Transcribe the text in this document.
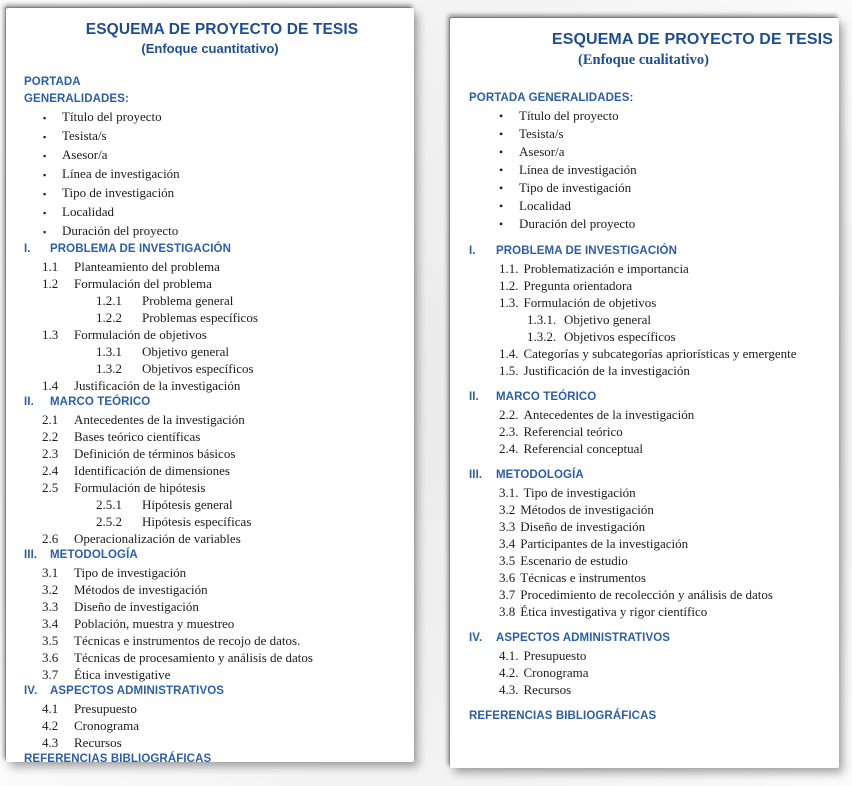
ESQUEMA DE PROYECTO DE TESIS
(Enfoque cuantitativo)
PORTADA
GENERALIDADES:
▪	Título del proyecto
▪	Tesista/s
▪	Asesor/a
▪	Línea de investigación
▪	Tipo de investigación
▪	Localidad
▪	Duración del proyecto
I.	PROBLEMA DE INVESTIGACIÓN
1.1	Planteamiento del problema
1.2	Formulación del problema
1.2.1	Problema general
1.2.2	Problemas específicos
1.3	Formulación de objetivos
1.3.1	Objetivo general
1.3.2	Objetivos específicos
1.4	Justificación de la investigación
II.	MARCO TEÓRICO
2.1	Antecedentes de la investigación
2.2	Bases teórico científicas
2.3	Definición de términos básicos
2.4	Identificación de dimensiones
2.5	Formulación de hipótesis
2.5.1	Hipótesis general
2.5.2	Hipótesis específicas
2.6	Operacionalización de variables
III.	METODOLOGÍA
3.1	Tipo de investigación
3.2	Métodos de investigación
3.3	Diseño de investigación
3.4	Población, muestra y muestreo
3.5	Técnicas e instrumentos de recojo de datos.
3.6	Técnicas de procesamiento y análisis de datos
3.7	Ética investigative
IV.	ASPECTOS ADMINISTRATIVOS
4.1	Presupuesto
4.2	Cronograma
4.3	Recursos
REFERENCIAS BIBLIOGRÁFICAS
ESQUEMA DE PROYECTO DE TESIS
(Enfoque cualitativo)
PORTADA GENERALIDADES:
•	Título del proyecto
•	Tesista/s
•	Asesor/a
•	Línea de investigación
•	Tipo de investigación
•	Localidad
•	Duración del proyecto
I.	PROBLEMA DE INVESTIGACIÓN
1.1. Problematización e importancia
1.2. Pregunta orientadora
1.3. Formulación de objetivos
1.3.1. Objetivo general
1.3.2. Objetivos específicos
1.4. Categorías y subcategorías apriorísticas y emergente
1.5. Justificación de la investigación
II.	MARCO TEÓRICO
2.2. Antecedentes de la investigación
2.3. Referencial teórico
2.4. Referencial conceptual
III.	METODOLOGÍA
3.1. Tipo de investigación
3.2 Métodos de investigación
3.3 Diseño de investigación
3.4 Participantes de la investigación
3.5 Escenario de estudio
3.6 Técnicas e instrumentos
3.7 Procedimiento de recolección y análisis de datos
3.8 Ética investigativa y rigor científico
IV.	ASPECTOS ADMINISTRATIVOS
4.1. Presupuesto
4.2. Cronograma
4.3. Recursos
REFERENCIAS BIBLIOGRÁFICAS
